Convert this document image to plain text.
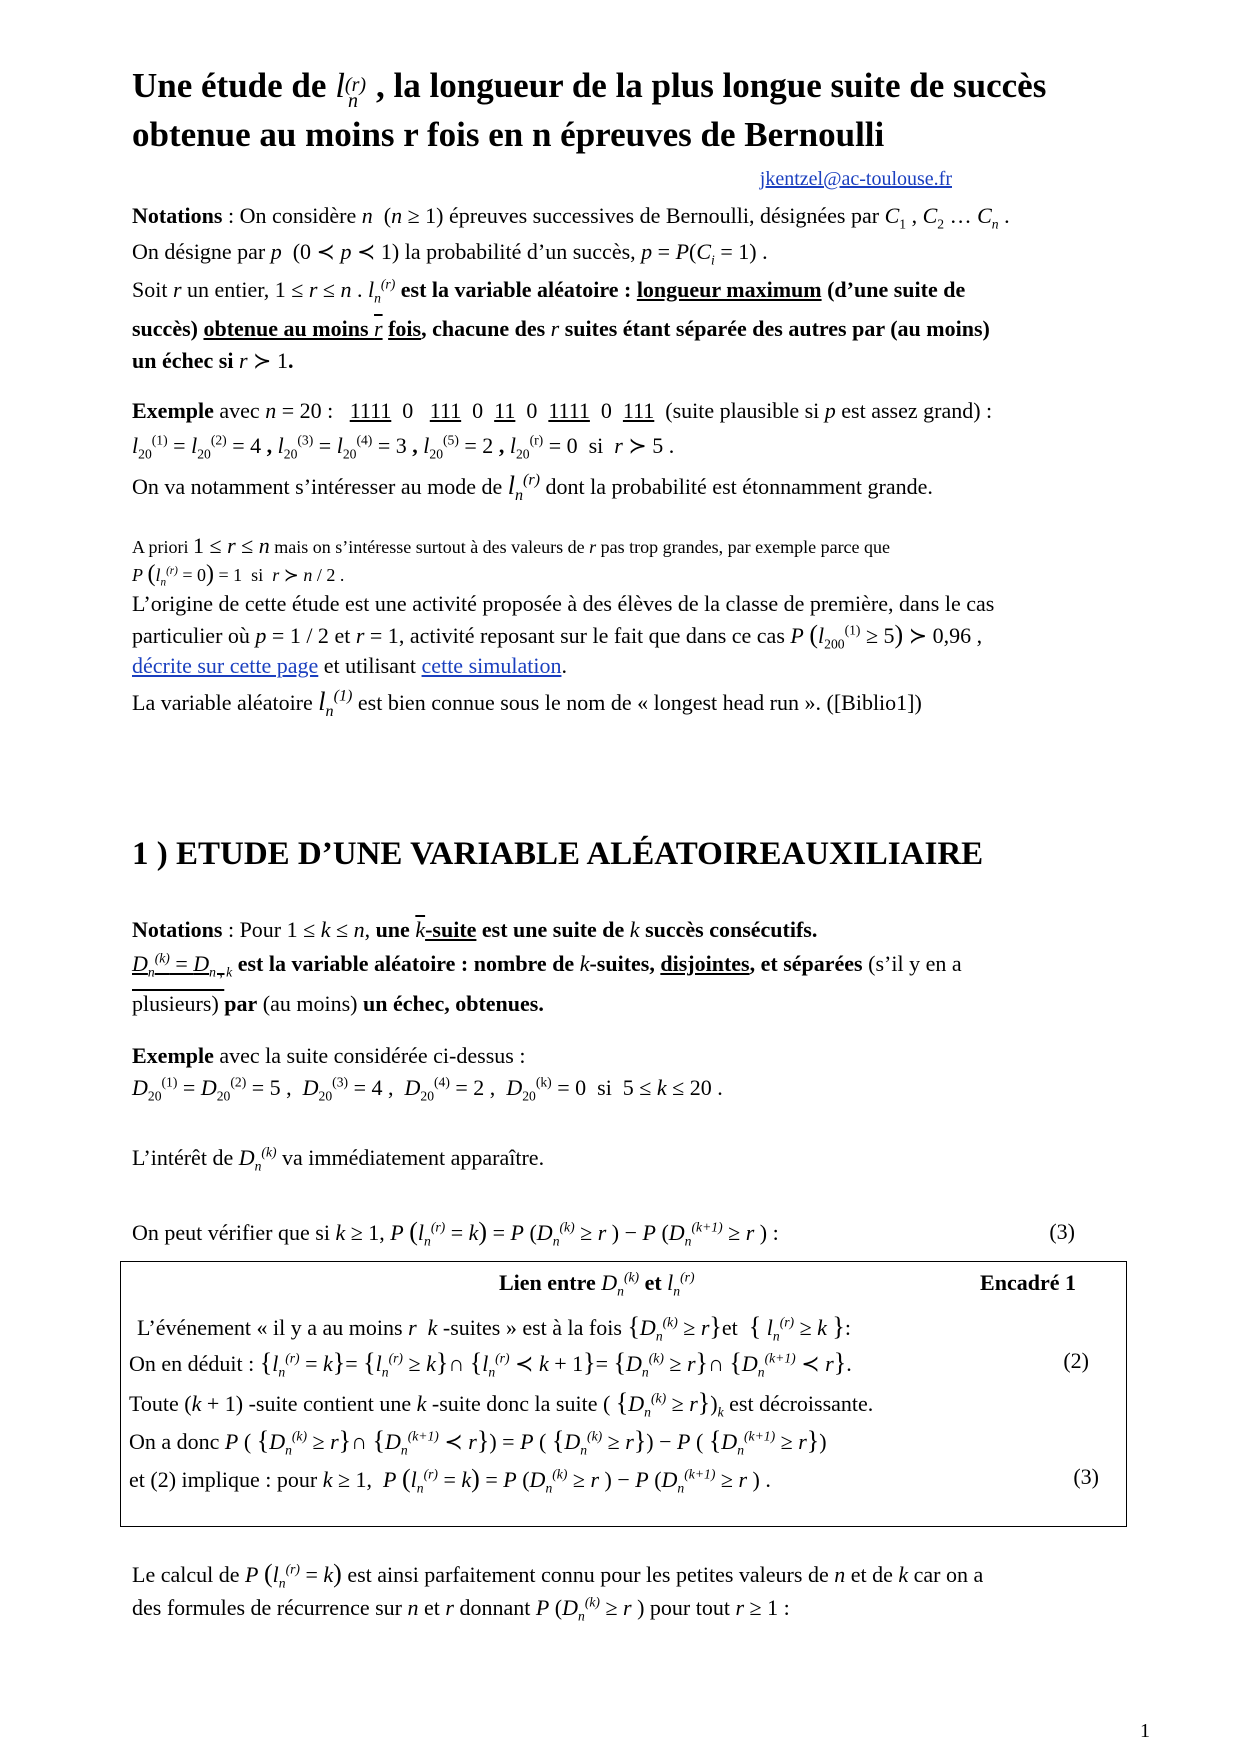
Une étude de $l^{(r)}_n$ , la longueur de la plus longue suite de succès
obtenue au moins r fois en n épreuves de Bernoulli
jkentzel@ac-toulouse.fr
Notations : On considère n  (n ≥ 1) épreuves successives de Bernoulli, désignées par $C_1$ , $C_2$ … $C_n$ .
On désigne par p  (0 ≺ p ≺ 1) la probabilité d’un succès, $p = P(C_i = 1)$ .
Soit r un entier, 1 ≤ r ≤ n . $l_n^{(r)}$ est la variable aléatoire : longueur maximum (d’une suite de
succès) obtenue au moins r fois, chacune des r suites étant séparée des autres par (au moins)
un échec si r ≻ 1.
Exemple avec n = 20 :   1111 0 111 0 11 0 1111 0 111 (suite plausible si p est assez grand) :
$l_{20}^{(1)} = l_{20}^{(2)} = 4$ , $l_{20}^{(3)} = l_{20}^{(4)} = 3$ , $l_{20}^{(5)} = 2$ , $l_{20}^{(r)} = 0$  si  r ≻ 5 .
On va notamment s’intéresser au mode de $l_n^{(r)}$ dont la probabilité est étonnamment grande.
A priori 1 ≤ r ≤ n mais on s’intéresse surtout à des valeurs de r pas trop grandes, par exemple parce que
P $(l_n^{(r)} = 0) = 1$  si  r ≻ n / 2 .
L’origine de cette étude est une activité proposée à des élèves de la classe de première, dans le cas
particulier où p = 1 / 2 et r = 1, activité reposant sur le fait que dans ce cas P $(l_{200}^{(1)} \ge 5)$ ≻ 0,96 ,
décrite sur cette page et utilisant cette simulation.
La variable aléatoire $l_n^{(1)}$ est bien connue sous le nom de « longest head run ». ([Biblio1])
1 ) ETUDE D’UNE VARIABLE ALÉATOIREAUXILIAIRE
Notations : Pour 1 ≤ k ≤ n, une $\overline{k}$-suite est une suite de k succès consécutifs.
$D_n^{(k)} = D_{n , k}$ est la variable aléatoire : nombre de k-suites, disjointes, et séparées (s’il y en a
plusieurs) par (au moins) un échec, obtenues.
Exemple avec la suite considérée ci-dessus :
$D_{20}^{(1)} = D_{20}^{(2)} = 5$ ,  $D_{20}^{(3)} = 4$ ,  $D_{20}^{(4)} = 2$ ,  $D_{20}^{(k)} = 0$  si  5 ≤ k ≤ 20 .
L’intérêt de $D_n^{(k)}$ va immédiatement apparaître.
On peut vérifier que si k ≥ 1, P $(l_n^{(r)} = k) = P$ ($D_n^{(k)} \ge r$ ) − P ($D_n^{(k+1)} \ge r$ ) :	(3)
Lien entre $D_n^{(k)}$ et $l_n^{(r)}$	Encadré 1
L’événement « il y a au moins r k -suites » est à la fois $\{D_n^{(k)} \ge r\}et$  { $l_n^{(r)} \ge k$ }:
On en déduit : $\{l_n^{(r)} = k\}= \{l_n^{(r)}$ ≥ k}∩ {$l_n^{(r)}$ ≺ $k + 1\}= \{D_n^{(k)}$ ≥ r}∩ {$D_n^{(k+1)}$ ≺ r}.	(2)
Toute (k + 1) -suite contient une k -suite donc la suite ( $\{D_n^{(k)} \ge r\})_k$ est décroissante.
On a donc P ( {$D_n^{(k)}$ ≥ r}∩ {$D_n^{(k+1)}$ ≺ r}) = P ( $\{D_n^{(k)} \ge r\}) - P$ ( $\{D_n^{(k+1)} \ge r\}$)
et (2) implique : pour k ≥ 1,  P $(l_n^{(r)} = k) = P$ ($D_n^{(k)} \ge r$ ) − P ($D_n^{(k+1)} \ge r$ ) .	(3)
Le calcul de P $(l_n^{(r)} = k)$ est ainsi parfaitement connu pour les petites valeurs de n et de k car on a
des formules de récurrence sur n et r donnant P ($D_n^{(k)} \ge r$ ) pour tout r ≥ 1 :
1
